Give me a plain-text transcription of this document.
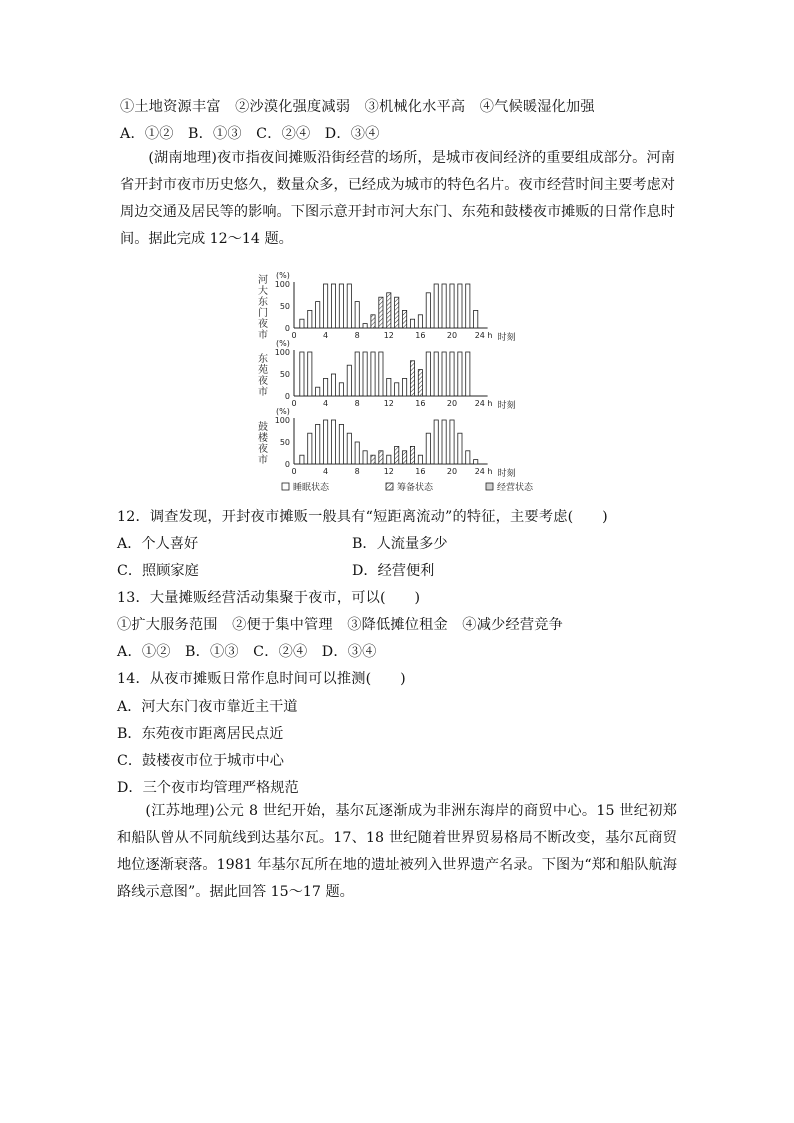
①土地资源丰富　②沙漠化强度减弱　③机械化水平高　④气候暖湿化加强
A．①②　B．①③　C．②④　D．③④
(湖南地理)夜市指夜间摊贩沿街经营的场所，是城市夜间经济的重要组成部分。河南省开封市夜市历史悠久，数量众多，已经成为城市的特色名片。夜市经营时间主要考虑对周边交通及居民等的影响。下图示意开封市河大东门、东苑和鼓楼夜市摊贩的日常作息时间。据此完成 12～14 题。
河
大
东
门
夜
市
(%)
0
50
100
0	4	8	12	16	20 24 h 时刻
东
苑
夜
市
(%)
0
50
100
0	4	8	12	16	20 24 h 时刻
鼓
楼
夜
市
(%)
0
50
100
0	4	8	12	16	20 24 h 时刻
睡眠状态	筹备状态	经营状态
12．调查发现，开封夜市摊贩一般具有“短距离流动”的特征，主要考虑(　　)
A．个人喜好	B．人流量多少
C．照顾家庭	D．经营便利
13．大量摊贩经营活动集聚于夜市，可以(　　)
①扩大服务范围　②便于集中管理　③降低摊位租金　④减少经营竞争
A．①②　B．①③　C．②④　D．③④
14．从夜市摊贩日常作息时间可以推测(　　)
A．河大东门夜市靠近主干道
B．东苑夜市距离居民点近
C．鼓楼夜市位于城市中心
D．三个夜市均管理严格规范
(江苏地理)公元 8 世纪开始，基尔瓦逐渐成为非洲东海岸的商贸中心。15 世纪初郑和船队曾从不同航线到达基尔瓦。17、18 世纪随着世界贸易格局不断改变，基尔瓦商贸地位逐渐衰落。1981 年基尔瓦所在地的遗址被列入世界遗产名录。下图为“郑和船队航海路线示意图”。据此回答 15～17 题。
